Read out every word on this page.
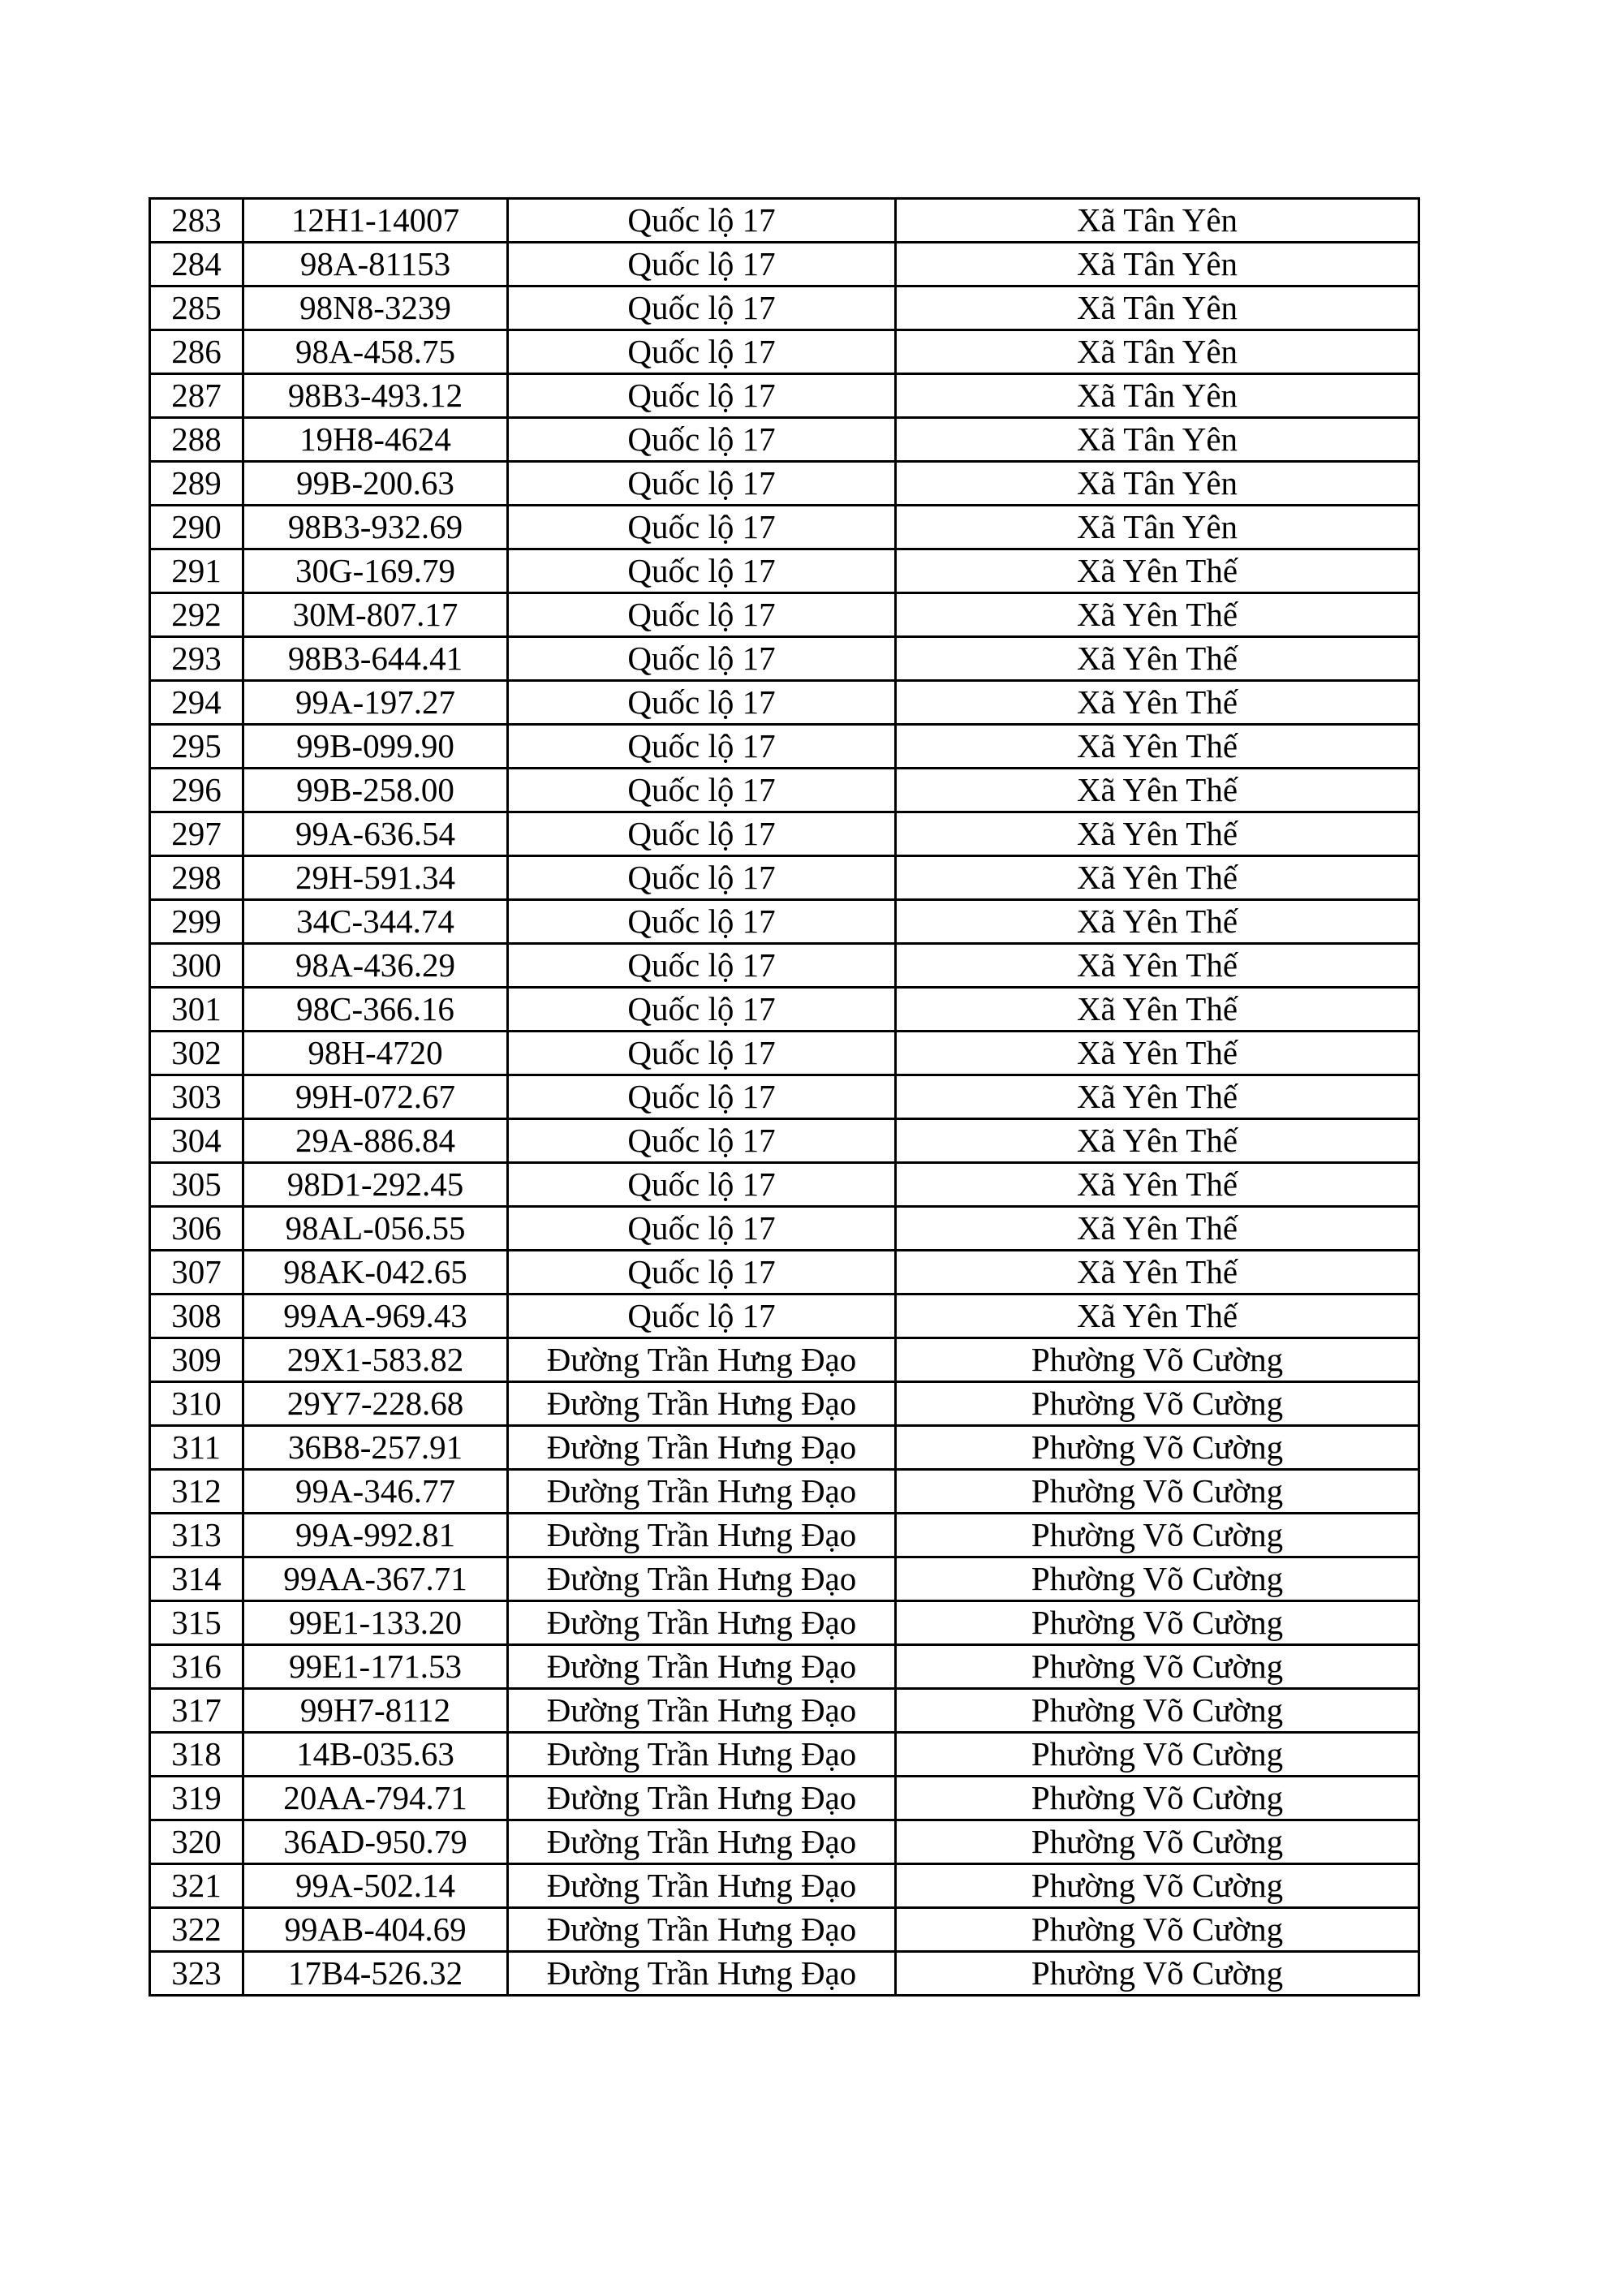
283	12H1-14007	Quốc lộ 17	Xã Tân Yên
284	98A-81153	Quốc lộ 17	Xã Tân Yên
285	98N8-3239	Quốc lộ 17	Xã Tân Yên
286	98A-458.75	Quốc lộ 17	Xã Tân Yên
287	98B3-493.12	Quốc lộ 17	Xã Tân Yên
288	19H8-4624	Quốc lộ 17	Xã Tân Yên
289	99B-200.63	Quốc lộ 17	Xã Tân Yên
290	98B3-932.69	Quốc lộ 17	Xã Tân Yên
291	30G-169.79	Quốc lộ 17	Xã Yên Thế
292	30M-807.17	Quốc lộ 17	Xã Yên Thế
293	98B3-644.41	Quốc lộ 17	Xã Yên Thế
294	99A-197.27	Quốc lộ 17	Xã Yên Thế
295	99B-099.90	Quốc lộ 17	Xã Yên Thế
296	99B-258.00	Quốc lộ 17	Xã Yên Thế
297	99A-636.54	Quốc lộ 17	Xã Yên Thế
298	29H-591.34	Quốc lộ 17	Xã Yên Thế
299	34C-344.74	Quốc lộ 17	Xã Yên Thế
300	98A-436.29	Quốc lộ 17	Xã Yên Thế
301	98C-366.16	Quốc lộ 17	Xã Yên Thế
302	98H-4720	Quốc lộ 17	Xã Yên Thế
303	99H-072.67	Quốc lộ 17	Xã Yên Thế
304	29A-886.84	Quốc lộ 17	Xã Yên Thế
305	98D1-292.45	Quốc lộ 17	Xã Yên Thế
306	98AL-056.55	Quốc lộ 17	Xã Yên Thế
307	98AK-042.65	Quốc lộ 17	Xã Yên Thế
308	99AA-969.43	Quốc lộ 17	Xã Yên Thế
309	29X1-583.82	Đường Trần Hưng Đạo	Phường Võ Cường
310	29Y7-228.68	Đường Trần Hưng Đạo	Phường Võ Cường
311	36B8-257.91	Đường Trần Hưng Đạo	Phường Võ Cường
312	99A-346.77	Đường Trần Hưng Đạo	Phường Võ Cường
313	99A-992.81	Đường Trần Hưng Đạo	Phường Võ Cường
314	99AA-367.71	Đường Trần Hưng Đạo	Phường Võ Cường
315	99E1-133.20	Đường Trần Hưng Đạo	Phường Võ Cường
316	99E1-171.53	Đường Trần Hưng Đạo	Phường Võ Cường
317	99H7-8112	Đường Trần Hưng Đạo	Phường Võ Cường
318	14B-035.63	Đường Trần Hưng Đạo	Phường Võ Cường
319	20AA-794.71	Đường Trần Hưng Đạo	Phường Võ Cường
320	36AD-950.79	Đường Trần Hưng Đạo	Phường Võ Cường
321	99A-502.14	Đường Trần Hưng Đạo	Phường Võ Cường
322	99AB-404.69	Đường Trần Hưng Đạo	Phường Võ Cường
323	17B4-526.32	Đường Trần Hưng Đạo	Phường Võ Cường
